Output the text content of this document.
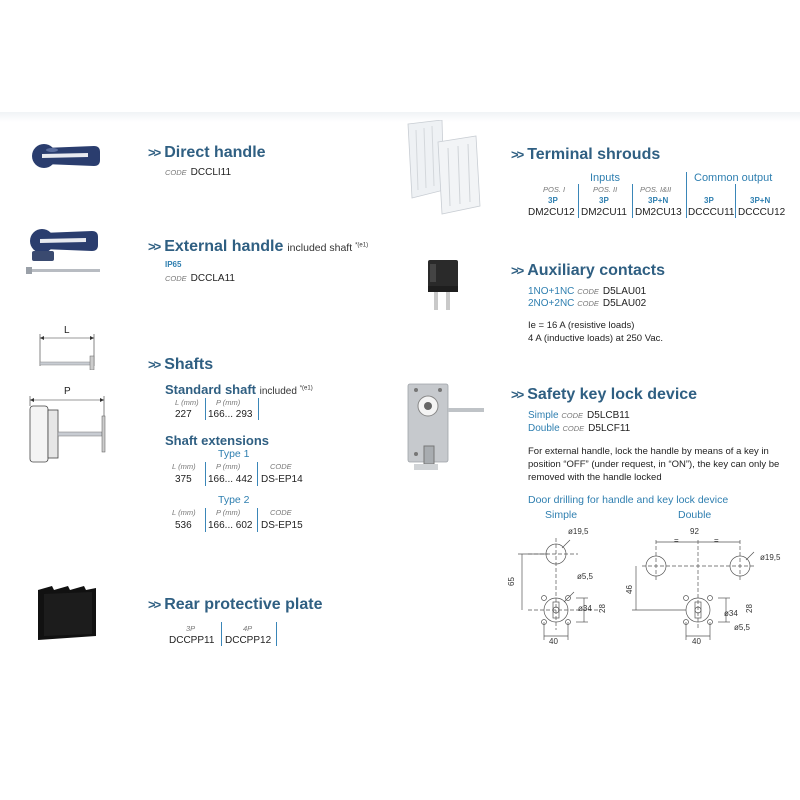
L
P
>> Direct handle
CODE DCCLI11
>> External handle included shaft $^{*(e1)}$
IP65
CODE DCCLA11
>> Shafts
Standard shaft included $^{*(e1)}$
L (mm) P (mm)
227 166... 293
Shaft extensions
Type 1
L (mm)	P (mm)	CODE
375 166... 442 DS-EP14
Type 2
L (mm)	P (mm)	CODE
536 166... 602 DS-EP15
>> Rear protective plate
3P	4P
DCCPP11 DCCPP12
>> Terminal shrouds
Inputs	Common output
POS. I	POS. II	POS. I&II
3P	3P	3P+N	3P	3P+N
DM2CU12 DM2CU11 DM2CU13 DCCCU11 DCCCU12
>> Auxiliary contacts
1NO+1NC CODE D5LAU01
2NO+2NC CODE D5LAU02
Ie = 16 A (resistive loads)
4 A (inductive loads) at 250 Vac.
>> Safety key lock device
Simple CODE D5LCB11
Double CODE D5LCF11
For external handle, lock the handle by means of a key in
position “OFF” (under request, in “ON”), the key can only be
removed with the handle locked
Door drilling for handle and key lock device
Simple	Double
ø19,5
ø5,5
ø34
65
28
40
92
=	=
ø19,5
46
ø34
28
ø5,5
40
